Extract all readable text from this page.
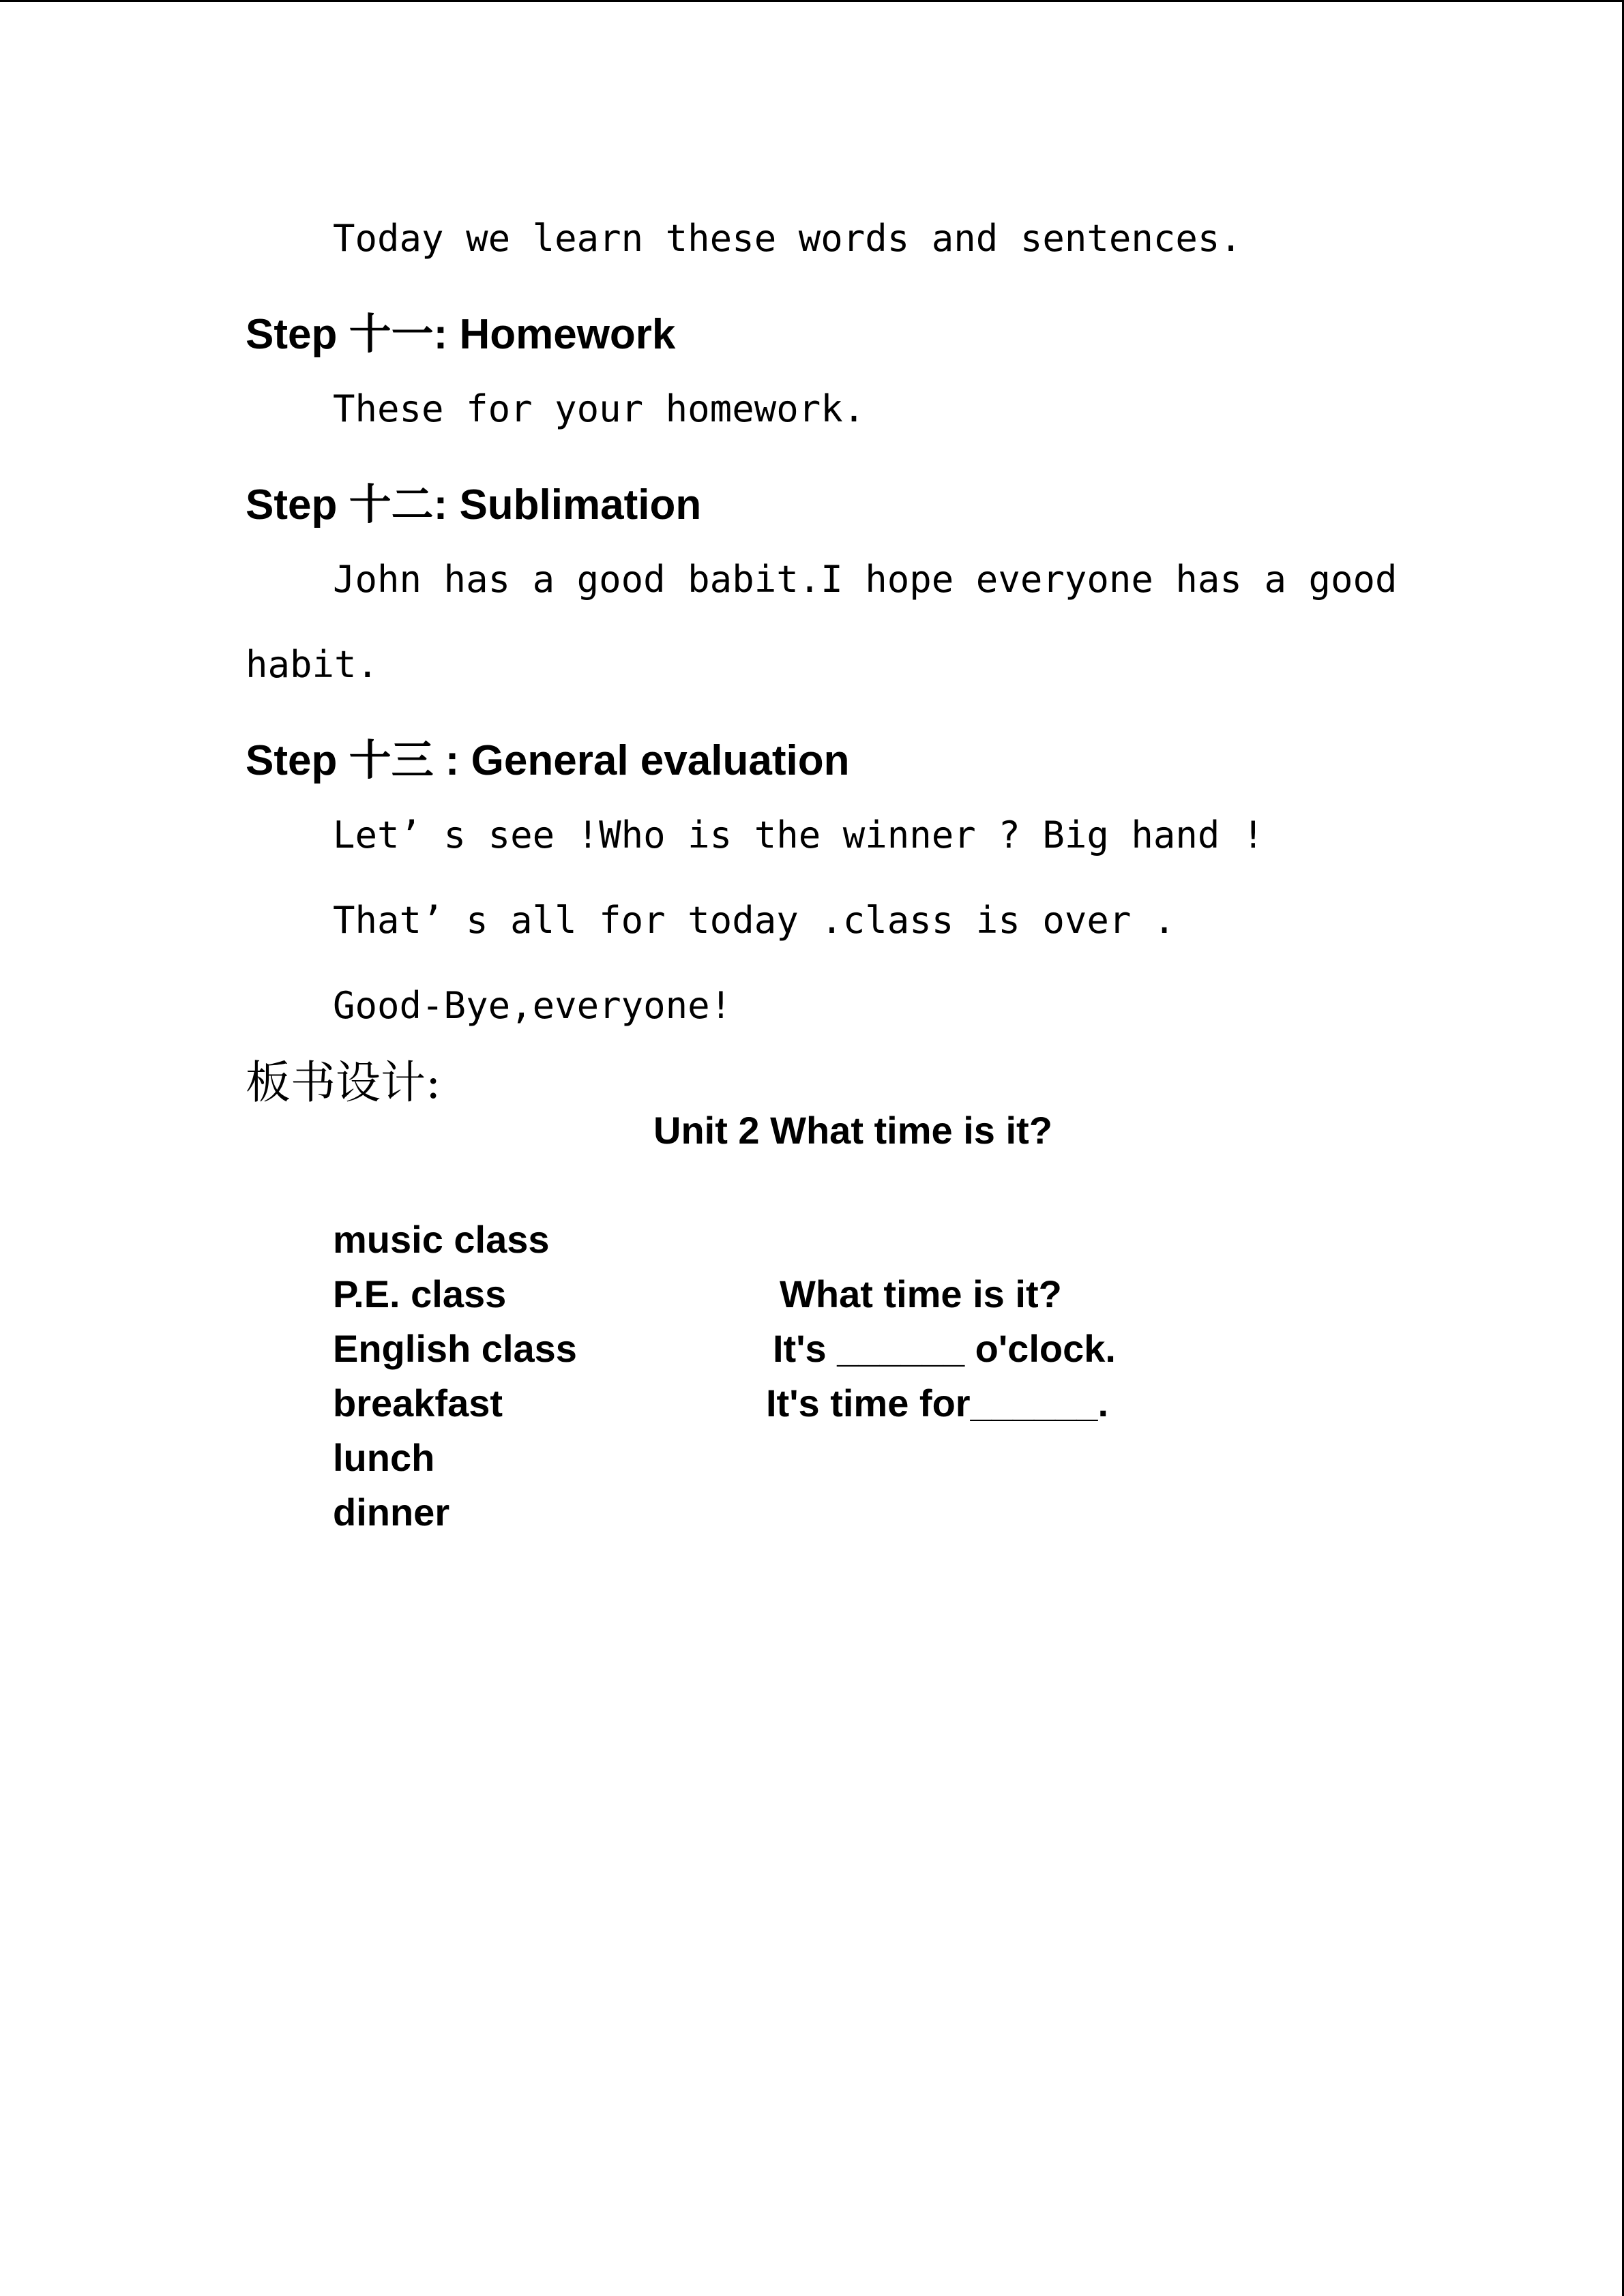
Today we learn these words and sentences.
Step 十一: Homework
These for your homework.
Step 十二: Sublimation
John has a good babit.I hope everyone has a good
habit.
Step 十三 : General evaluation
Let’ s see !Who is the winner ? Big hand !
That’ s all for today .class is over .
Good-Bye,everyone!
板书设计:
Unit 2 What time is it?
music class
P.E. class
English class
breakfast
lunch
dinner
What time is it?
It's ______ o'clock.
It's time for______.
